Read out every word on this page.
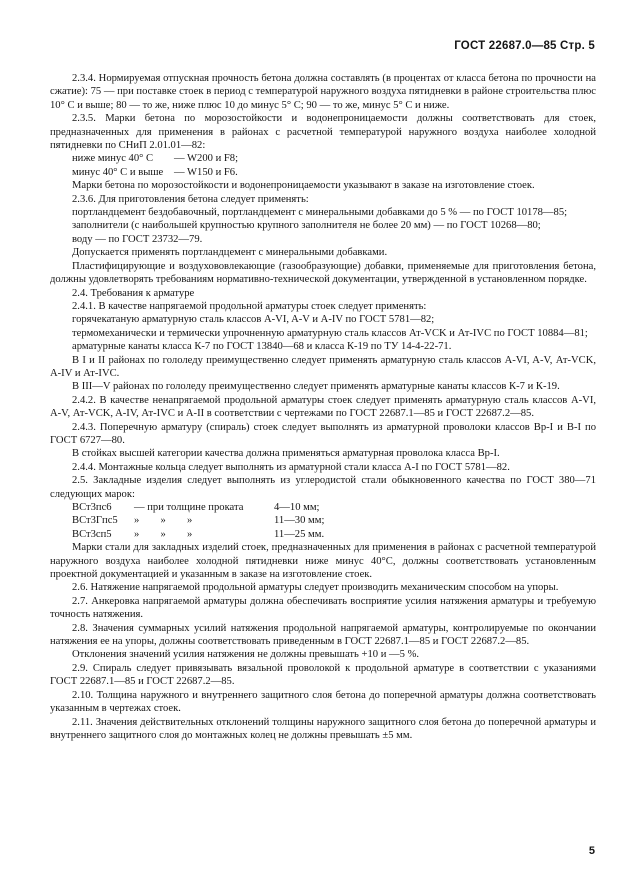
ГОСТ 22687.0—85 Стр. 5

2.3.4. Нормируемая отпускная прочность бетона должна составлять (в процентах от класса бетона по прочности на сжатие): 75 — при поставке стоек в период с температурой наружного воздуха пятидневки в районе строительства плюс 10° С и выше; 80 — то же, ниже плюс 10 до минус 5° С; 90 — то же, минус 5° С и ниже.

2.3.5. Марки бетона по морозостойкости и водонепроницаемости должны соответствовать для стоек, предназначенных для применения в районах с расчетной температурой наружного воздуха наиболее холодной пятидневки по СНиП 2.01.01—82:

ниже минус 40° С	— W200 и F8;
минус 40° С и выше	— W150 и F6.

Марки бетона по морозостойкости и водонепроницаемости указывают в заказе на изготовление стоек.

2.3.6. Для приготовления бетона следует применять:

портландцемент бездобавочный, портландцемент с минеральными добавками до 5 % — по ГОСТ 10178—85;

заполнители (с наибольшей крупностью крупного заполнителя не более 20 мм) — по ГОСТ 10268—80;

воду — по ГОСТ 23732—79.

Допускается применять портландцемент с минеральными добавками.

Пластифицирующие и воздухововлекающие (газообразующие) добавки, применяемые для приготовления бетона, должны удовлетворять требованиям нормативно-технической документации, утвержденной в установленном порядке.

2.4. Требования к арматуре

2.4.1. В качестве напрягаемой продольной арматуры стоек следует применять:

горячекатаную арматурную сталь классов A-VI, A-V и A-IV по ГОСТ 5781—82;

термомеханически и термически упрочненную арматурную сталь классов Ат-VCK и Ат-IVC по ГОСТ 10884—81;

арматурные канаты класса К-7 по ГОСТ 13840—68 и класса К-19 по ТУ 14-4-22-71.

В I и II районах по гололеду преимущественно следует применять арматурную сталь классов A-VI, A-V, Ат-VCK, A-IV и Ат-IVC.

В III—V районах по гололеду преимущественно следует применять арматурные канаты классов К-7 и К-19.

2.4.2. В качестве ненапрягаемой продольной арматуры стоек следует применять арматурную сталь классов A-VI, A-V, Ат-VCK, A-IV, Ат-IVC и A-II в соответствии с чертежами по ГОСТ 22687.1—85 и ГОСТ 22687.2—85.

2.4.3. Поперечную арматуру (спираль) стоек следует выполнять из арматурной проволоки классов Вр-I и В-I по ГОСТ 6727—80.

В стойках высшей категории качества должна применяться арматурная проволока класса Вр-I.

2.4.4. Монтажные кольца следует выполнять из арматурной стали класса A-I по ГОСТ 5781—82.

2.5. Закладные изделия следует выполнять из углеродистой стали обыкновенного качества по ГОСТ 380—71 следующих марок:

ВСт3пс6	— при толщине проката	4—10 мм;
ВСт3Гпс5	»        »        »	11—30 мм;
ВСт3сп5	»        »        »	11—25 мм.

Марки стали для закладных изделий стоек, предназначенных для применения в районах с расчетной температурой наружного воздуха наиболее холодной пятидневки ниже минус 40°С, должны соответствовать установленным проектной документацией и указанным в заказе на изготовление стоек.

2.6. Натяжение напрягаемой продольной арматуры следует производить механическим способом на упоры.

2.7. Анкеровка напрягаемой арматуры должна обеспечивать восприятие усилия натяжения арматуры и требуемую точность натяжения.

2.8. Значения суммарных усилий натяжения продольной напрягаемой арматуры, контролируемые по окончании натяжения ее на упоры, должны соответствовать приведенным в ГОСТ 22687.1—85 и ГОСТ 22687.2—85.

Отклонения значений усилия натяжения не должны превышать +10 и —5 %.

2.9. Спираль следует привязывать вязальной проволокой к продольной арматуре в соответствии с указаниями ГОСТ 22687.1—85 и ГОСТ 22687.2—85.

2.10. Толщина наружного и внутреннего защитного слоя бетона до поперечной арматуры должна соответствовать указанным в чертежах стоек.

2.11. Значения действительных отклонений толщины наружного защитного слоя бетона до поперечной арматуры и внутреннего защитного слоя до монтажных колец не должны превышать ±5 мм.

5
